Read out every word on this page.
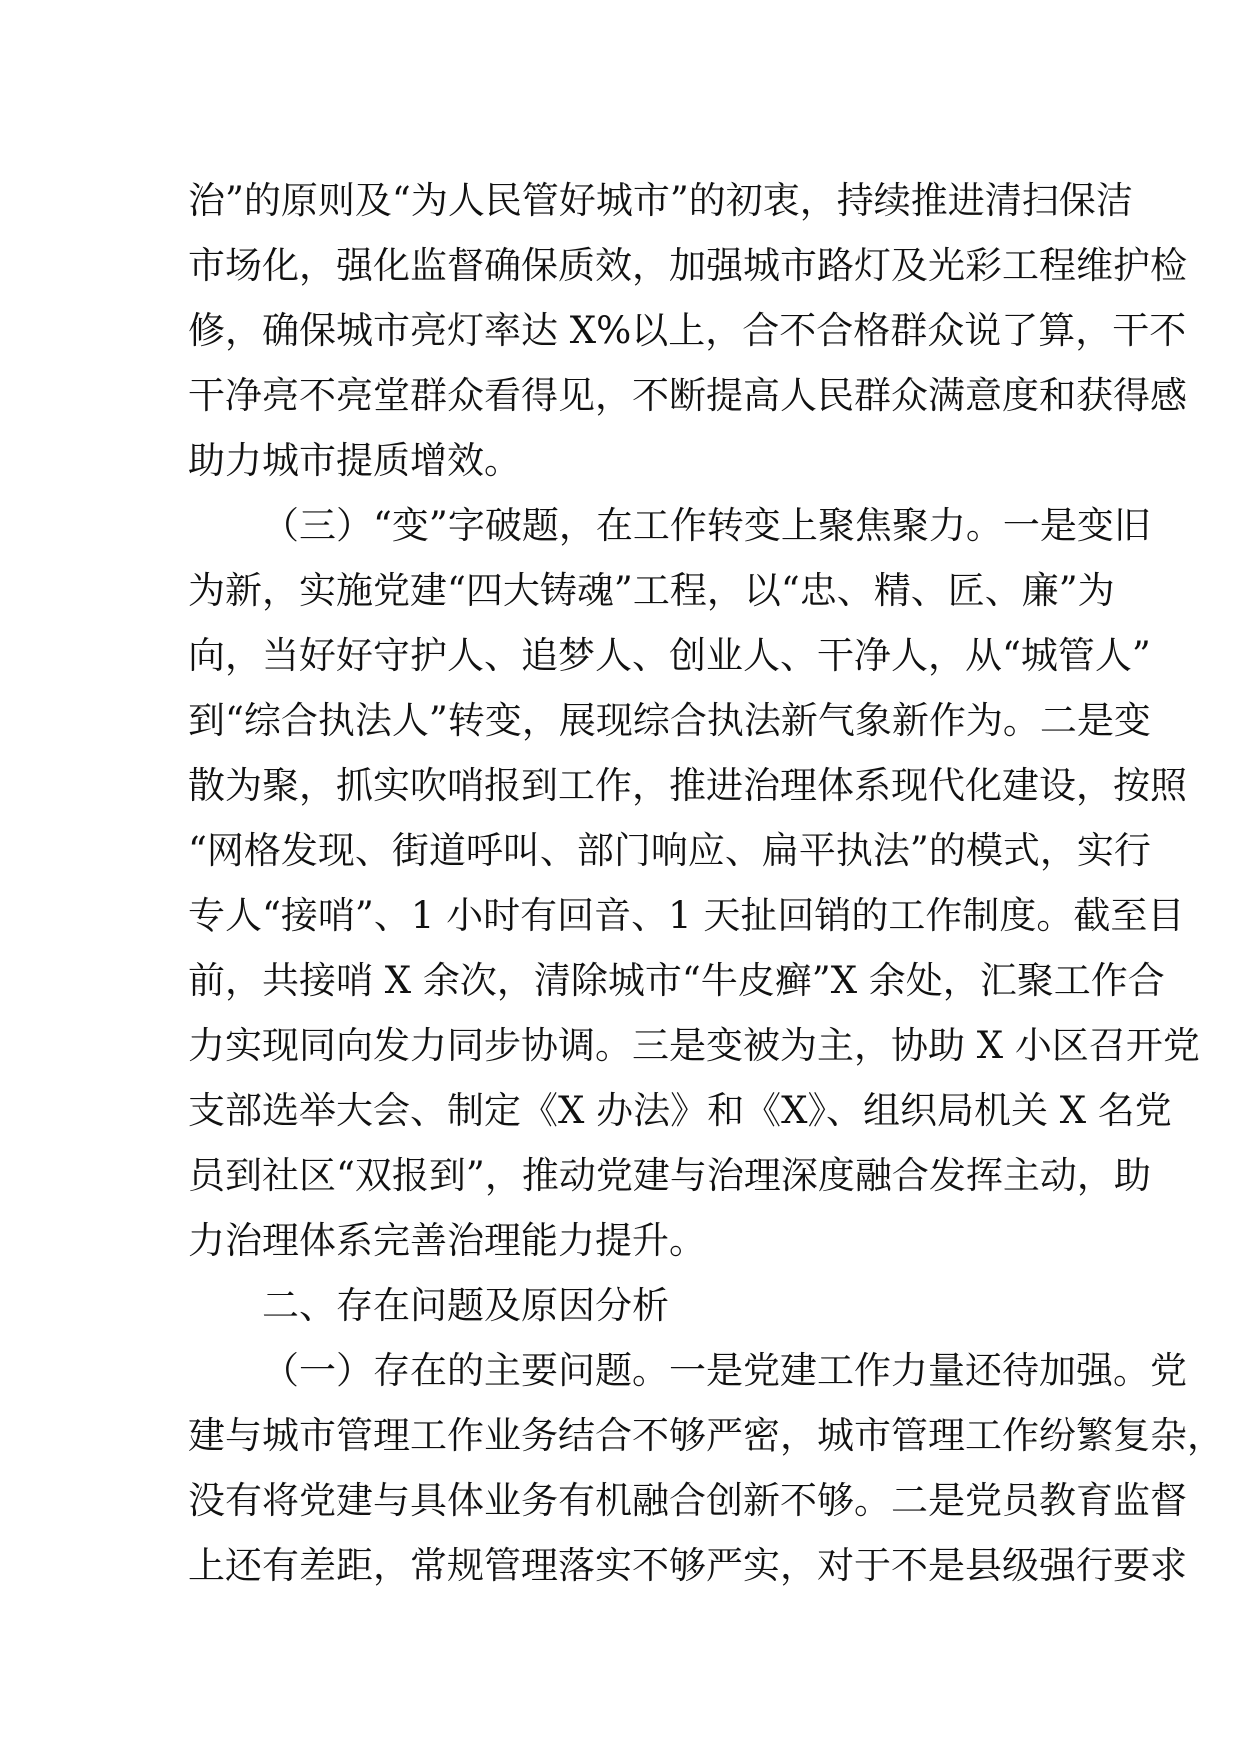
治”的原则及“为人民管好城市”的初衷，持续推进清扫保洁
市场化，强化监督确保质效，加强城市路灯及光彩工程维护检
修，确保城市亮灯率达 X%以上，合不合格群众说了算，干不
干净亮不亮堂群众看得见，不断提高人民群众满意度和获得感
助力城市提质增效。
（三）“变”字破题，在工作转变上聚焦聚力。一是变旧
为新，实施党建“四大铸魂”工程，以“忠、精、匠、廉”为
向，当好好守护人、追梦人、创业人、干净人，从“城管人”
到“综合执法人”转变，展现综合执法新气象新作为。二是变
散为聚，抓实吹哨报到工作，推进治理体系现代化建设，按照
“网格发现、街道呼叫、部门响应、扁平执法”的模式，实行
专人“接哨”、1 小时有回音、1 天扯回销的工作制度。截至目
前，共接哨 X 余次，清除城市“牛皮癣”X 余处，汇聚工作合
力实现同向发力同步协调。三是变被为主，协助 X 小区召开党
支部选举大会、制定《X 办法》和《X》、组织局机关 X 名党
员到社区“双报到”，推动党建与治理深度融合发挥主动，助
力治理体系完善治理能力提升。
二、存在问题及原因分析
（一）存在的主要问题。一是党建工作力量还待加强。党
建与城市管理工作业务结合不够严密，城市管理工作纷繁复杂，
没有将党建与具体业务有机融合创新不够。二是党员教育监督
上还有差距，常规管理落实不够严实，对于不是县级强行要求
